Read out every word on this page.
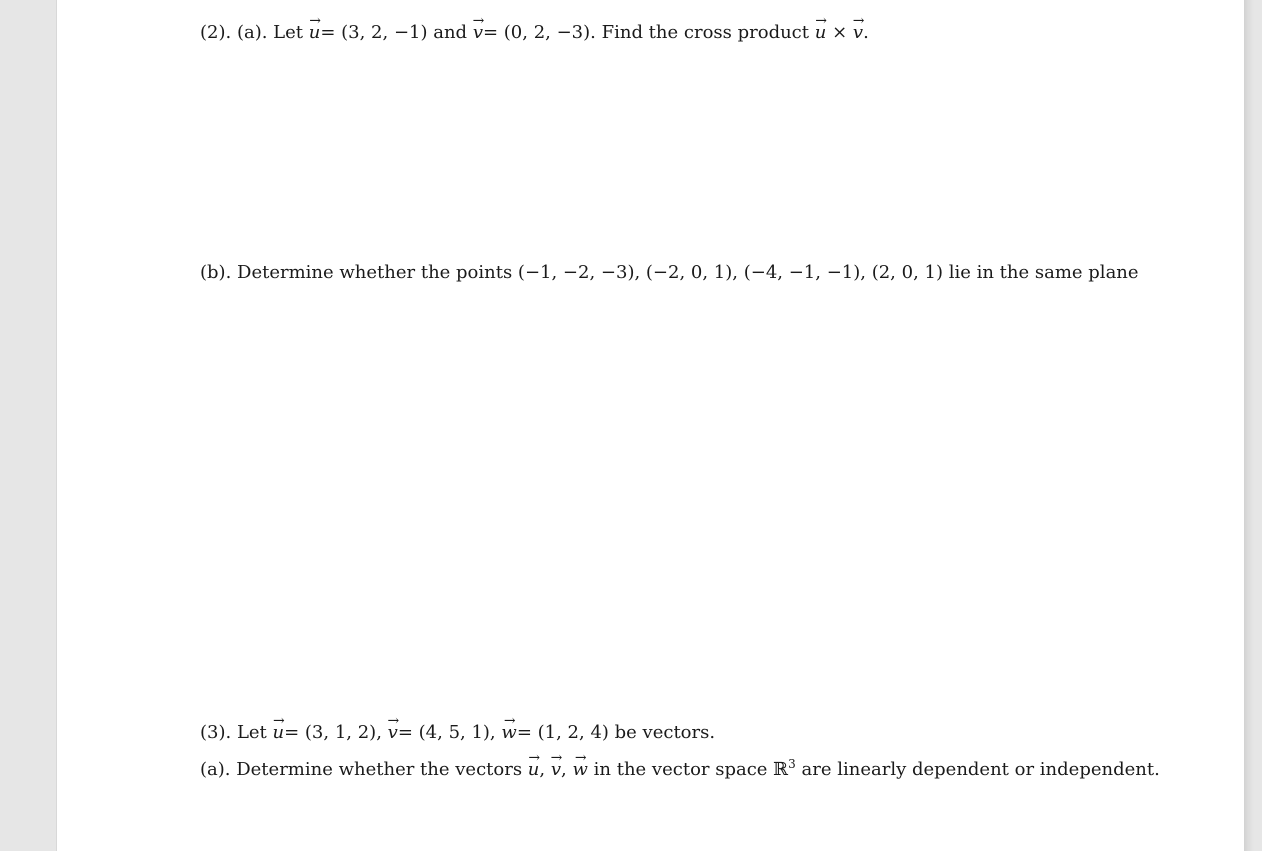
(2). (a). Let → u= (3, 2, −1) and → v= (0, 2, −3). Find the cross product → u × → v.
(b). Determine whether the points (−1, −2, −3), (−2, 0, 1), (−4, −1, −1), (2, 0, 1) lie in the same plane
(3). Let → u= (3, 1, 2), → v= (4, 5, 1), → w= (1, 2, 4) be vectors.
(a). Determine whether the vectors → u, → v, → w in the vector space ℝ$^3$ are linearly dependent or independent.
